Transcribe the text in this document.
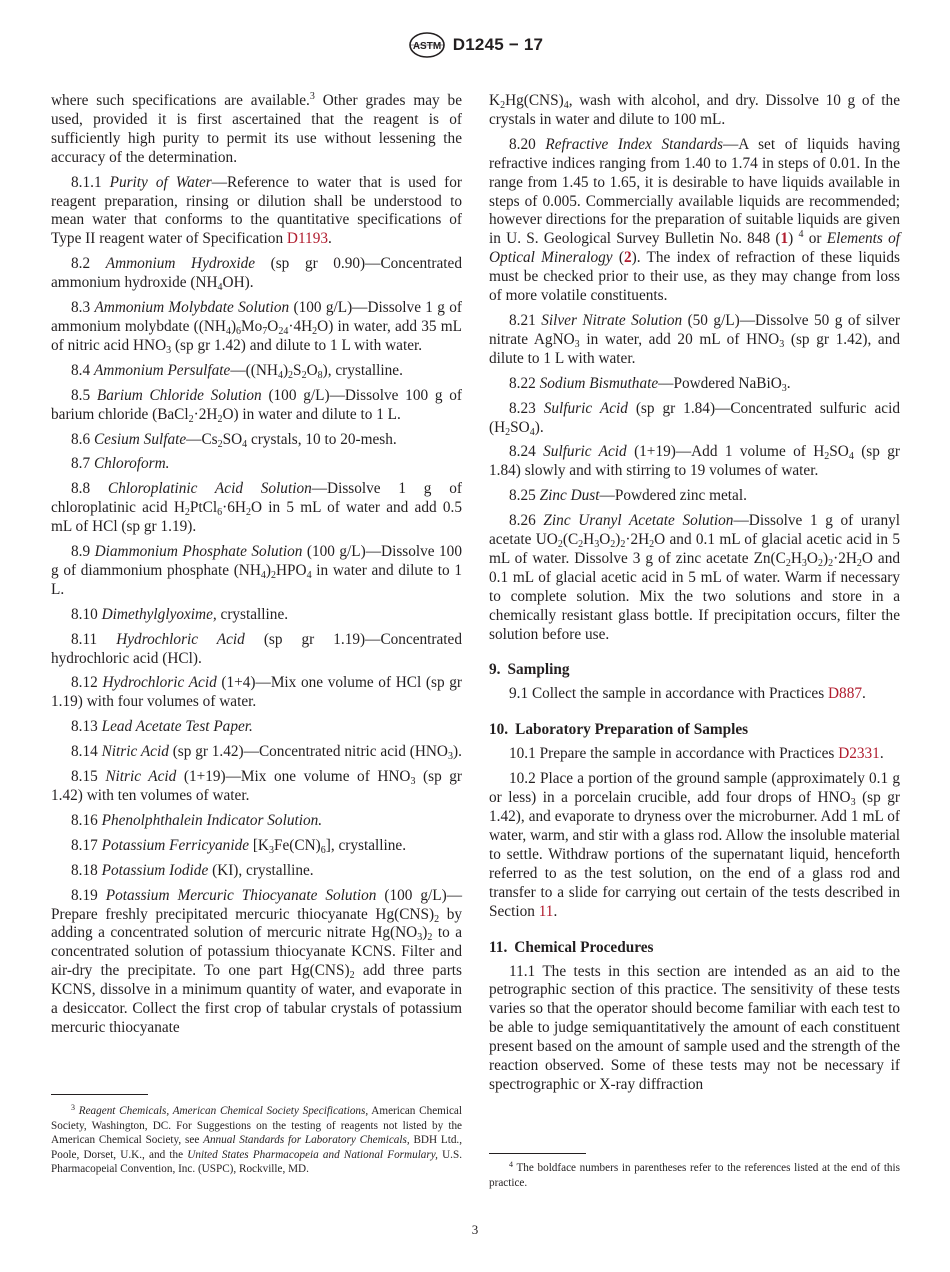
ASTM D1245 − 17

where such specifications are available.$^3$ Other grades may be used, provided it is first ascertained that the reagent is of sufficiently high purity to permit its use without lessening the accuracy of the determination.

8.1.1 Purity of Water—Reference to water that is used for reagent preparation, rinsing or dilution shall be understood to mean water that conforms to the quantitative specifications of Type II reagent water of Specification D1193.

8.2 Ammonium Hydroxide (sp gr 0.90)—Concentrated ammonium hydroxide $(NH_4OH)$.

8.3 Ammonium Molybdate Solution (100 g/L)—Dissolve 1 g of ammonium molybdate $((NH_4)_6Mo_7O_{24}\cdot 4H_2O)$ in water, add 35 mL of nitric acid $HNO_3$ (sp gr 1.42) and dilute to 1 L with water.

8.4 Ammonium $Persulfate—((NH_4)_2S_2O_8)$, crystalline.

8.5 Barium Chloride Solution (100 g/L)—Dissolve 100 g of barium chloride $(BaCl_2\cdot 2H_2O)$ in water and dilute to 1 L.

8.6 Cesium $Sulfate—Cs_2SO_4$ crystals, 10 to 20-mesh.

8.7 Chloroform.

8.8 Chloroplatinic Acid Solution—Dissolve 1 g of chloroplatinic acid $H_2PtCl_6\cdot 6H_2O$ in 5 mL of water and add 0.5 mL of HCl (sp gr 1.19).

8.9 Diammonium Phosphate Solution (100 g/L)—Dissolve 100 g of diammonium phosphate $(NH_4)_2HPO_4$ in water and dilute to 1 L.

8.10 Dimethylglyoxime, crystalline.

8.11 Hydrochloric Acid (sp gr 1.19)—Concentrated hydrochloric acid (HCl).

8.12 Hydrochloric Acid (1+4)—Mix one volume of HCl (sp gr 1.19) with four volumes of water.

8.13 Lead Acetate Test Paper.

8.14 Nitric Acid (sp gr 1.42)—Concentrated nitric acid $(HNO_3)$.

8.15 Nitric Acid (1+19)—Mix one volume of $HNO_3$ (sp gr 1.42) with ten volumes of water.

8.16 Phenolphthalein Indicator Solution.

8.17 Potassium Ferricyanide $[K_3Fe(CN)_6]$, crystalline.

8.18 Potassium Iodide (KI), crystalline.

8.19 Potassium Mercuric Thiocyanate Solution (100 g/L)—Prepare freshly precipitated mercuric thiocyanate $Hg(CNS)_2$ by adding a concentrated solution of mercuric nitrate $Hg(NO_3)_2$ to a concentrated solution of potassium thiocyanate KCNS. Filter and air-dry the precipitate. To one part $Hg(CNS)_2$ add three parts KCNS, dissolve in a minimum quantity of water, and evaporate in a desiccator. Collect the first crop of tabular crystals of potassium mercuric thiocyanate

$K_2Hg(CNS)_4$, wash with alcohol, and dry. Dissolve 10 g of the crystals in water and dilute to 100 mL.

8.20 Refractive Index Standards—A set of liquids having refractive indices ranging from 1.40 to 1.74 in steps of 0.01. In the range from 1.45 to 1.65, it is desirable to have liquids available in steps of 0.005. Commercially available liquids are recommended; however directions for the preparation of suitable liquids are given in U. S. Geological Survey Bulletin No. 848 (1) $^4$ or Elements of Optical Mineralogy (2). The index of refraction of these liquids must be checked prior to their use, as they may change from loss of more volatile constituents.

8.21 Silver Nitrate Solution (50 g/L)—Dissolve 50 g of silver nitrate AgNO$_3$ in water, add 20 mL of $HNO_3$ (sp gr 1.42), and dilute to 1 L with water.

8.22 Sodium Bismuthate—Powdered NaBiO$_3$.

8.23 Sulfuric Acid (sp gr 1.84)—Concentrated sulfuric acid $(H_2SO_4)$.

8.24 Sulfuric Acid (1+19)—Add 1 volume of $H_2SO_4$ (sp gr 1.84) slowly and with stirring to 19 volumes of water.

8.25 Zinc Dust—Powdered zinc metal.

8.26 Zinc Uranyl Acetate Solution—Dissolve 1 g of uranyl acetate $UO_2(C_2H_3O_2)_2\cdot 2H_2O$ and 0.1 mL of glacial acetic acid in 5 mL of water. Dissolve 3 g of zinc acetate $Zn(C_2H_3O_2)_2\cdot 2H_2O$ and 0.1 mL of glacial acetic acid in 5 mL of water. Warm if necessary to complete solution. Mix the two solutions and store in a chemically resistant glass bottle. If precipitation occurs, filter the solution before use.

9. Sampling

9.1 Collect the sample in accordance with Practices D887.

10. Laboratory Preparation of Samples

10.1 Prepare the sample in accordance with Practices D2331.

10.2 Place a portion of the ground sample (approximately 0.1 g or less) in a porcelain crucible, add four drops of $HNO_3$ (sp gr 1.42), and evaporate to dryness over the microburner. Add 1 mL of water, warm, and stir with a glass rod. Allow the insoluble material to settle. Withdraw portions of the supernatant liquid, henceforth referred to as the test solution, on the end of a glass rod and transfer to a slide for carrying out certain of the tests described in Section 11.

11. Chemical Procedures

11.1 The tests in this section are intended as an aid to the petrographic section of this practice. The sensitivity of these tests varies so that the operator should become familiar with each test to be able to judge semiquantitatively the amount of each constituent present based on the amount of sample used and the strength of the reaction observed. Some of these tests may not be necessary if spectrographic or X-ray diffraction

$^3$ Reagent Chemicals, American Chemical Society Specifications, American Chemical Society, Washington, DC. For Suggestions on the testing of reagents not listed by the American Chemical Society, see Annual Standards for Laboratory Chemicals, BDH Ltd., Poole, Dorset, U.K., and the United States Pharmacopeia and National Formulary, U.S. Pharmacopeial Convention, Inc. (USPC), Rockville, MD.	$^4$ The boldface numbers in parentheses refer to the references listed at the end of this practice.
3
